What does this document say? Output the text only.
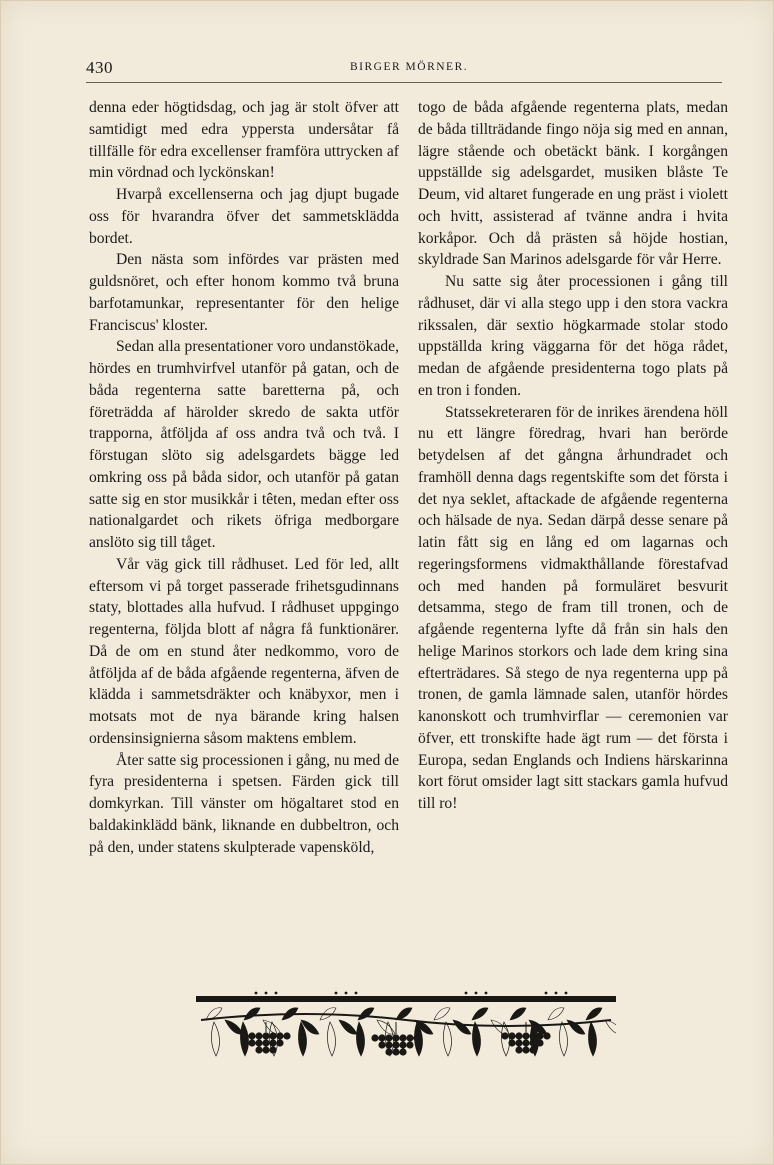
430	BIRGER MÖRNER.

denna eder högtidsdag, och jag är stolt öfver att samtidigt med edra yppersta undersåtar få tillfälle för edra excellenser framföra uttrycken af min vördnad och lyckönskan!

Hvarpå excellenserna och jag djupt bugade oss för hvarandra öfver det sammetsklädda bordet.

Den nästa som infördes var prästen med guldsnöret, och efter honom kommo två bruna barfotamunkar, representanter för den helige Franciscus' kloster.

Sedan alla presentationer voro undanstökade, hördes en trumhvirfvel utanför på gatan, och de båda regenterna satte baretterna på, och företrädda af härolder skredo de sakta utför trapporna, åtföljda af oss andra två och två. I förstugan slöto sig adelsgardets bägge led omkring oss på båda sidor, och utanför på gatan satte sig en stor musikkår i têten, medan efter oss nationalgardet och rikets öfriga medborgare anslöto sig till tåget.

Vår väg gick till rådhuset. Led för led, allt eftersom vi på torget passerade frihetsgudinnans staty, blottades alla hufvud. I rådhuset uppgingo regenterna, följda blott af några få funktionärer. Då de om en stund åter nedkommo, voro de åtföljda af de båda afgående regenterna, äfven de klädda i sammetsdräkter och knäbyxor, men i motsats mot de nya bärande kring halsen ordensinsignierna såsom maktens emblem.

Åter satte sig processionen i gång, nu med de fyra presidenterna i spetsen. Färden gick till domkyrkan. Till vänster om högaltaret stod en baldakinklädd bänk, liknande en dubbeltron, och på den, under statens skulpterade vapensköld,

togo de båda afgående regenterna plats, medan de båda tillträdande fingo nöja sig med en annan, lägre stående och obetäckt bänk. I korgången uppställde sig adelsgardet, musiken blåste Te Deum, vid altaret fungerade en ung präst i violett och hvitt, assisterad af tvänne andra i hvita korkåpor. Och då prästen så höjde hostian, skyldrade San Marinos adelsgarde för vår Herre.

Nu satte sig åter processionen i gång till rådhuset, där vi alla stego upp i den stora vackra rikssalen, där sextio högkarmade stolar stodo uppställda kring väggarna för det höga rådet, medan de afgående presidenterna togo plats på en tron i fonden.

Statssekreteraren för de inrikes ärendena höll nu ett längre föredrag, hvari han berörde betydelsen af det gångna århundradet och framhöll denna dags regentskifte som det första i det nya seklet, aftackade de afgående regenterna och hälsade de nya. Sedan därpå desse senare på latin fått sig en lång ed om lagarnas och regeringsformens vidmakthållande förestafvad och med handen på formuläret besvurit detsamma, stego de fram till tronen, och de afgående regenterna lyfte då från sin hals den helige Marinos storkors och lade dem kring sina efterträdares. Så stego de nya regenterna upp på tronen, de gamla lämnade salen, utanför hördes kanonskott och trumhvirflar — ceremonien var öfver, ett tronskifte hade ägt rum — det första i Europa, sedan Englands och Indiens härskarinna kort förut omsider lagt sitt stackars gamla hufvud till ro!
